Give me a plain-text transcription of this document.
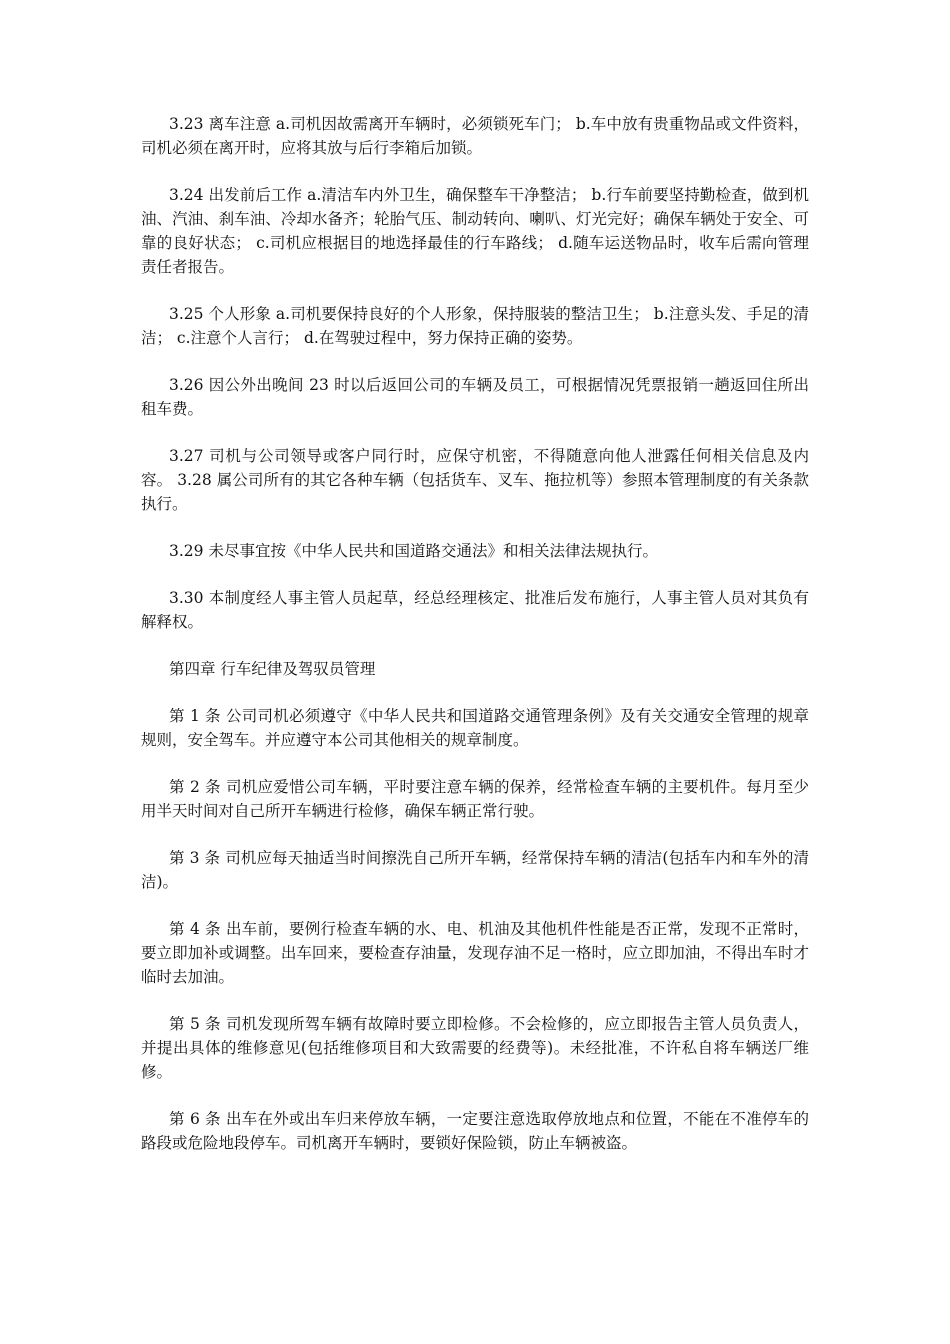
3.23 离车注意 a.司机因故需离开车辆时，必须锁死车门； b.车中放有贵重物品或文件资料，司机必须在离开时，应将其放与后行李箱后加锁。

3.24 出发前后工作 a.清洁车内外卫生，确保整车干净整洁； b.行车前要坚持勤检查，做到机油、汽油、刹车油、冷却水备齐；轮胎气压、制动转向、喇叭、灯光完好；确保车辆处于安全、可靠的良好状态； c.司机应根据目的地选择最佳的行车路线； d.随车运送物品时，收车后需向管理责任者报告。

3.25 个人形象 a.司机要保持良好的个人形象，保持服装的整洁卫生； b.注意头发、手足的清洁； c.注意个人言行； d.在驾驶过程中，努力保持正确的姿势。

3.26 因公外出晚间 23 时以后返回公司的车辆及员工，可根据情况凭票报销一趟返回住所出租车费。

3.27 司机与公司领导或客户同行时，应保守机密，不得随意向他人泄露任何相关信息及内容。 3.28 属公司所有的其它各种车辆（包括货车、叉车、拖拉机等）参照本管理制度的有关条款执行。

3.29 未尽事宜按《中华人民共和国道路交通法》和相关法律法规执行。

3.30 本制度经人事主管人员起草，经总经理核定、批准后发布施行，人事主管人员对其负有解释权。

第四章 行车纪律及驾驭员管理

第 1 条 公司司机必须遵守《中华人民共和国道路交通管理条例》及有关交通安全管理的规章规则，安全驾车。并应遵守本公司其他相关的规章制度。

第 2 条 司机应爱惜公司车辆，平时要注意车辆的保养，经常检查车辆的主要机件。每月至少用半天时间对自己所开车辆进行检修，确保车辆正常行驶。

第 3 条 司机应每天抽适当时间擦洗自己所开车辆，经常保持车辆的清洁(包括车内和车外的清洁)。

第 4 条 出车前，要例行检查车辆的水、电、机油及其他机件性能是否正常，发现不正常时，要立即加补或调整。出车回来，要检查存油量，发现存油不足一格时，应立即加油，不得出车时才临时去加油。

第 5 条 司机发现所驾车辆有故障时要立即检修。不会检修的，应立即报告主管人员负责人，并提出具体的维修意见(包括维修项目和大致需要的经费等)。未经批准，不许私自将车辆送厂维修。

第 6 条 出车在外或出车归来停放车辆，一定要注意选取停放地点和位置，不能在不准停车的路段或危险地段停车。司机离开车辆时，要锁好保险锁，防止车辆被盗。
